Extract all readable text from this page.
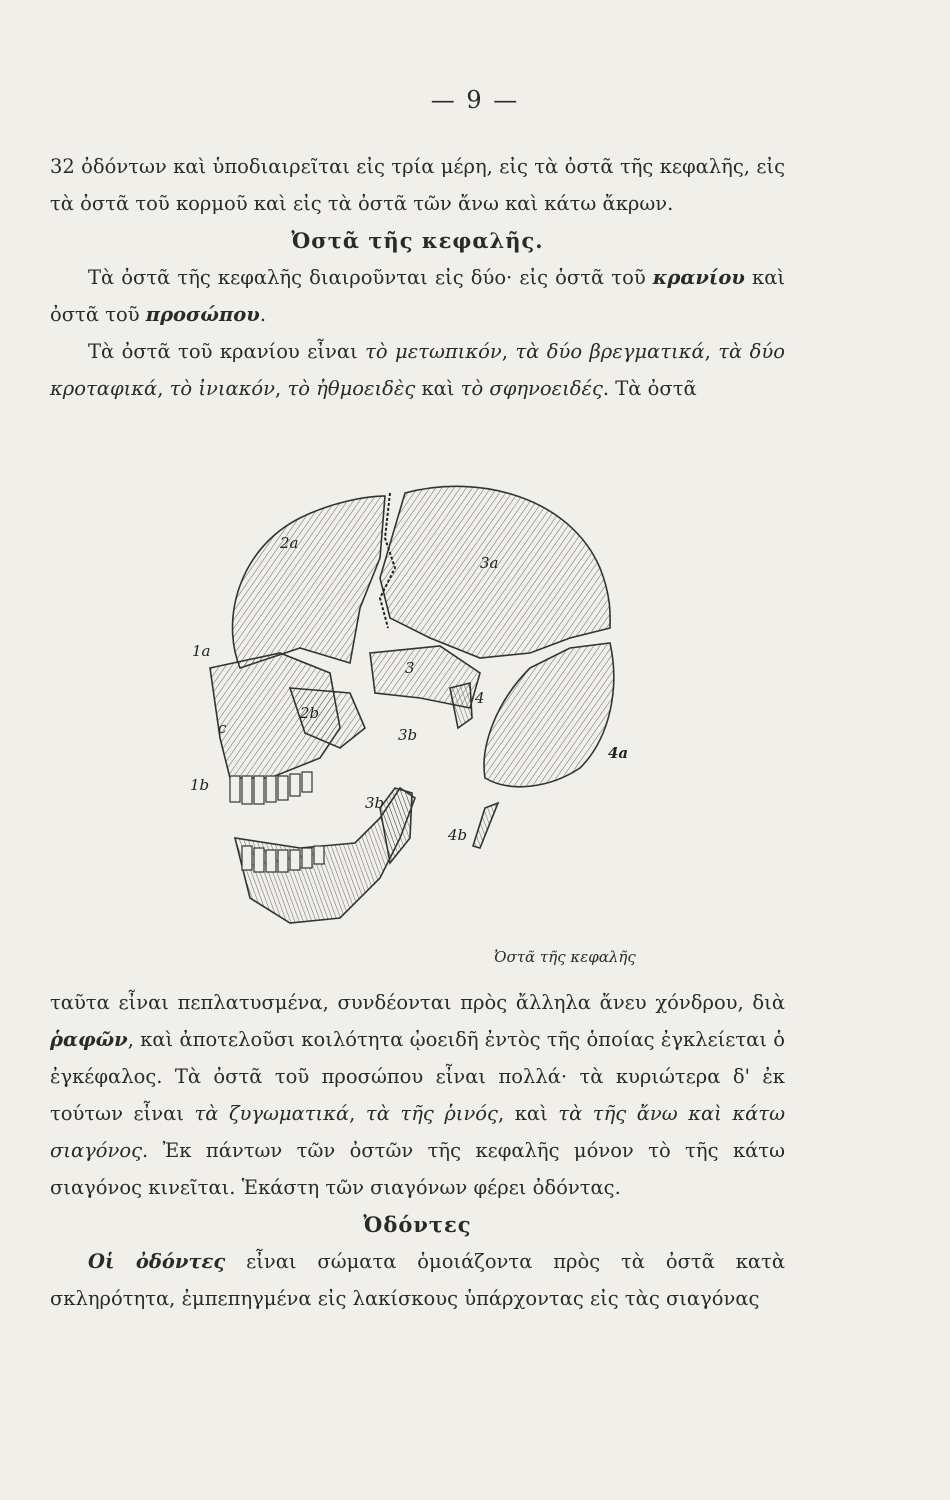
— 9 —

32 ὀδόντων καὶ ὑποδιαιρεῖται εἰς τρία μέρη, εἰς τὰ ὀστᾶ τῆς κεφαλῆς, εἰς τὰ ὀστᾶ τοῦ κορμοῦ καὶ εἰς τὰ ὀστᾶ τῶν ἄνω καὶ κάτω ἄκρων.

Ὀστᾶ τῆς κεφαλῆς.

Τὰ ὀστᾶ τῆς κεφαλῆς διαιροῦνται εἰς δύο· εἰς ὀστᾶ τοῦ κρανίου καὶ ὀστᾶ τοῦ προσώπου.

Τὰ ὀστᾶ τοῦ κρανίου εἶναι τὸ μετωπικόν, τὰ δύο βρεγματικά, τὰ δύο κροταφικά, τὸ ἰνιακόν, τὸ ἠθμοειδὲς καὶ τὸ σφηνοειδές. Τὰ ὀστᾶ

2a
3a
1a
3
4
c
2b
3b
1b
3b
4a
4b
Ὀστᾶ τῆς κεφαλῆς

ταῦτα εἶναι πεπλατυσμένα, συνδέονται πρὸς ἄλληλα ἄνευ χόνδρου, διὰ ῥαφῶν, καὶ ἀποτελοῦσι κοιλότητα ᾠοειδῆ ἐντὸς τῆς ὁποίας ἐγκλείεται ὁ ἐγκέφαλος. Τὰ ὀστᾶ τοῦ προσώπου εἶναι πολλά· τὰ κυριώτερα δ' ἐκ τούτων εἶναι τὰ ζυγωματικά, τὰ τῆς ῥινός, καὶ τὰ τῆς ἄνω καὶ κάτω σιαγόνος. Ἐκ πάντων τῶν ὀστῶν τῆς κεφαλῆς μόνον τὸ τῆς κάτω σιαγόνος κινεῖται. Ἑκάστη τῶν σιαγόνων φέρει ὀδόντας.

Ὀδόντες

Οἱ ὀδόντες εἶναι σώματα ὁμοιάζοντα πρὸς τὰ ὀστᾶ κατὰ σκληρότητα, ἐμπεπηγμένα εἰς λακίσκους ὑπάρχοντας εἰς τὰς σιαγόνας
